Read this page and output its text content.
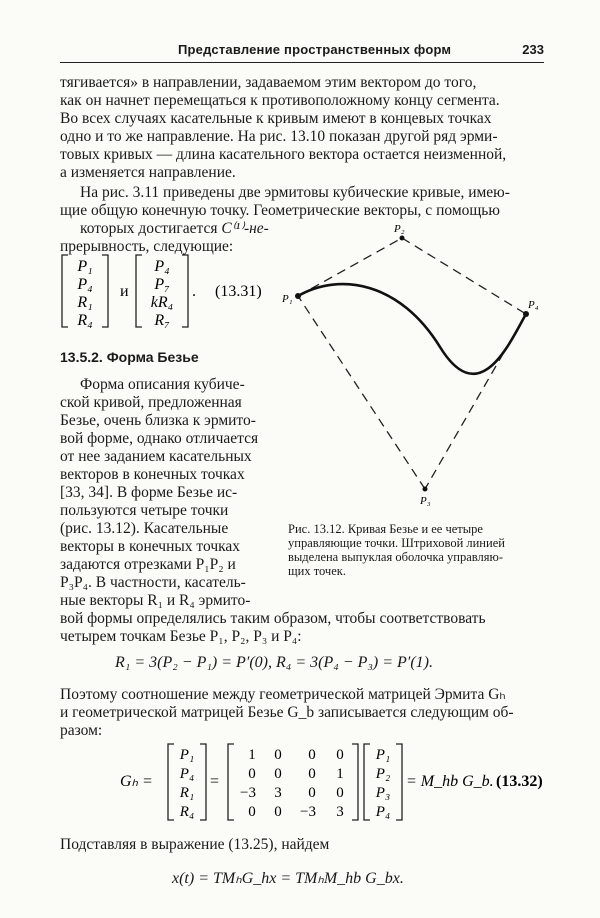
Представление пространственных форм	233
тягивается» в направлении, задаваемом этим вектором до того,
как он начнет перемещаться к противоположному концу сегмента.
Во всех случаях касательные к кривым имеют в концевых точках
одно и то же направление. На рис. 13.10 показан другой ряд эрми-
товых кривых — длина касательного вектора остается неизменной,
а изменяется направление.
На рис. 3.11 приведены две эрмитовы кубические кривые, имею-
щие общую конечную точку. Геометрические векторы, с помощью
которых достигается C⁽¹⁾-не-
прерывность, следующие:
P₁
P₄
R₁
R₄
и
P₄
P₇
kR₄
R₇
. (13.31)
13.5.2. Форма Безье
Форма описания кубиче-
ской кривой, предложенная
Безье, очень близка к эрмито-
вой форме, однако отличается
от нее заданием касательных
векторов в конечных точках
[33, 34]. В форме Безье ис-
пользуются четыре точки
(рис. 13.12). Касательные
векторы в конечных точках
задаются отрезками P₁P₂ и
P₃P₄. В частности, касатель-
ные векторы R₁ и R₄ эрмито-
P₁
P₂
P₃
P₄
Рис. 13.12. Кривая Безье и ее четыре
управляющие точки. Штриховой линией
выделена выпуклая оболочка управляю-
щих точек.
вой формы определялись таким образом, чтобы соответствовать
четырем точкам Безье P₁, P₂, P₃ и P₄:
R₁ = 3(P₂ − P₁) = P′(0), R₄ = 3(P₄ − P₃) = P′(1).
Поэтому соотношение между геометрической матрицей Эрмита Gₕ
и геометрической матрицей Безье G_b записывается следующим об-
разом:
Gₕ =
P₁
P₄
R₁
R₄
=
1 0 0 0
0 0 0 1
−3 3 0 0
0 0 −3 3
P₁
P₂
P₃
P₄
= M_hb G_b. (13.32)
Подставляя в выражение (13.25), найдем
x(t) = TMₕG_hx = TMₕM_hb G_bx.
